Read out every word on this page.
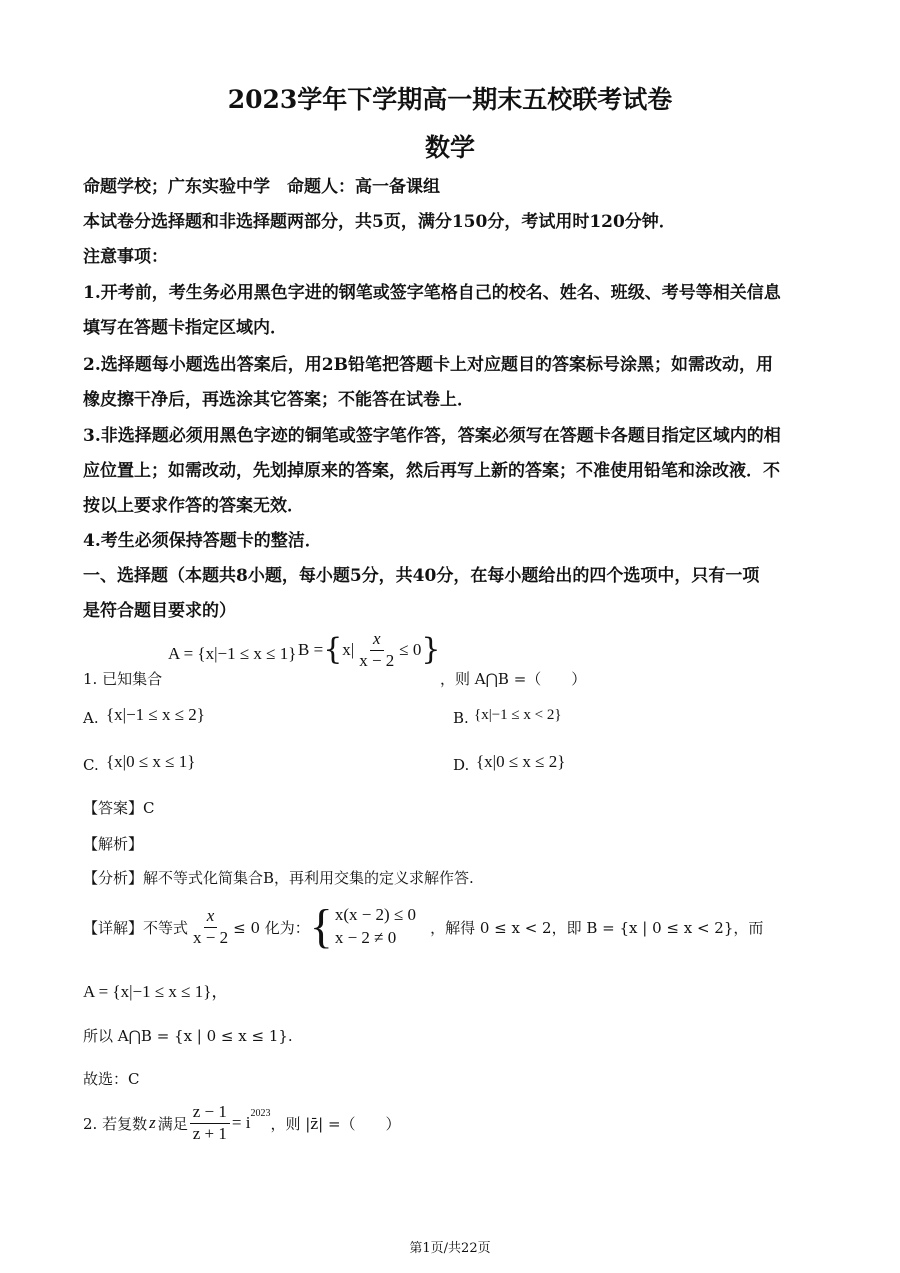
2023学年下学期高一期末五校联考试卷
数学
命题学校；广东实验中学　命题人：高一备课组
本试卷分选择题和非选择题两部分，共5页，满分150分，考试用时120分钟．
注意事项：
1.开考前，考生务必用黑色字进的钢笔或签字笔格自己的校名、姓名、班级、考号等相关信息
填写在答题卡指定区域内．
2.选择题每小题选出答案后，用2B铅笔把答题卡上对应题目的答案标号涂黑；如需改动，用
橡皮擦干净后，再选涂其它答案；不能答在试卷上．
3.非选择题必须用黑色字迹的铜笔或签字笔作答，答案必须写在答题卡各题目指定区域内的相
应位置上；如需改动，先划掉原来的答案，然后再写上新的答案；不准使用铅笔和涂改液．不
按以上要求作答的答案无效．
4.考生必须保持答题卡的整洁．
一、选择题（本题共8小题，每小题5分，共40分，在每小题给出的四个选项中，只有一项
是符合题目要求的）
1. 已知集合
A = {x|−1 ≤ x ≤ 1} B = { $x| \frac{x}{x - 2} \le 0$ }
，则 A⋂B =（　　）
A. {x|−1 ≤ x ≤ 2}	B. {x|−1 ≤ x < 2}
C. {x|0 ≤ x ≤ 1}	D. {x|0 ≤ x ≤ 2}
【答案】C
【解析】
【分析】解不等式化简集合B，再利用交集的定义求解作答.
【详解】不等式 $\frac{x}{x - 2} \le 0$ 化为： { x(x − 2) ≤ 0
x − 2 ≠ 0
，解得 0 ≤ x < 2，即 B = {x | 0 ≤ x < 2}，而
A = {x|−1 ≤ x ≤ 1}，
所以 A⋂B = {x | 0 ≤ x ≤ 1}.
故选：C
2. 若复数 z 满足 $\frac{z - 1}{z + 1} = i^{2023}$
，则 |z̄| =（　　）
第1页/共22页
